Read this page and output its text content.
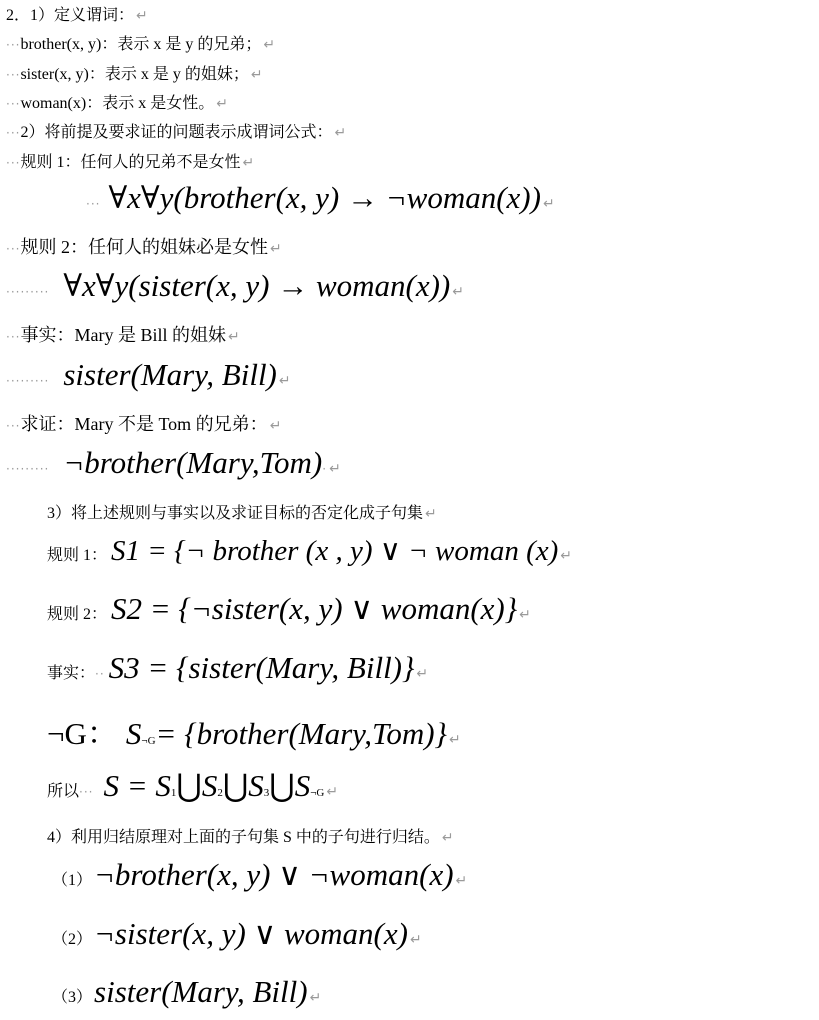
2．1）定义谓词： ↵
··· brother(x, y)：表示 x 是 y 的兄弟； ↵
··· sister(x, y)：表示 x 是 y 的姐妹； ↵
··· woman(x)：表示 x 是女性。 ↵
··· 2）将前提及要求证的问题表示成谓词公式： ↵
··· 规则 1：任何人的兄弟不是女性 ↵
··· ∀x∀y(brother(x, y) → ¬woman(x)) ↵
··· 规则 2：任何人的姐妹必是女性 ↵
········· ∀x∀y(sister(x, y) → woman(x)) ↵
··· 事实：Mary 是 Bill 的姐妹 ↵
········· sister(Mary, Bill) ↵
··· 求证：Mary 不是 Tom 的兄弟： ↵
········· ¬brother(Mary,Tom) · ↵
3）将上述规则与事实以及求证目标的否定化成子句集 ↵
规则 1： S1 = {¬ brother (x , y) ∨ ¬ woman (x) ↵
规则 2： S2 = {¬sister(x, y) ∨ woman(x)} ↵
事实： ·· S3 = {sister(Mary, Bill)} ↵
¬G： S ¬G = {brother(Mary,Tom)} ↵
所以 ··· S = S 1 ⋃ S 2 ⋃ S 3 ⋃ S ¬G ↵
4）利用归结原理对上面的子句集 S 中的子句进行归结。 ↵
（1） ¬brother(x, y) ∨ ¬woman(x) ↵
（2） ¬sister(x, y) ∨ woman(x) ↵
（3） sister(Mary, Bill) ↵
